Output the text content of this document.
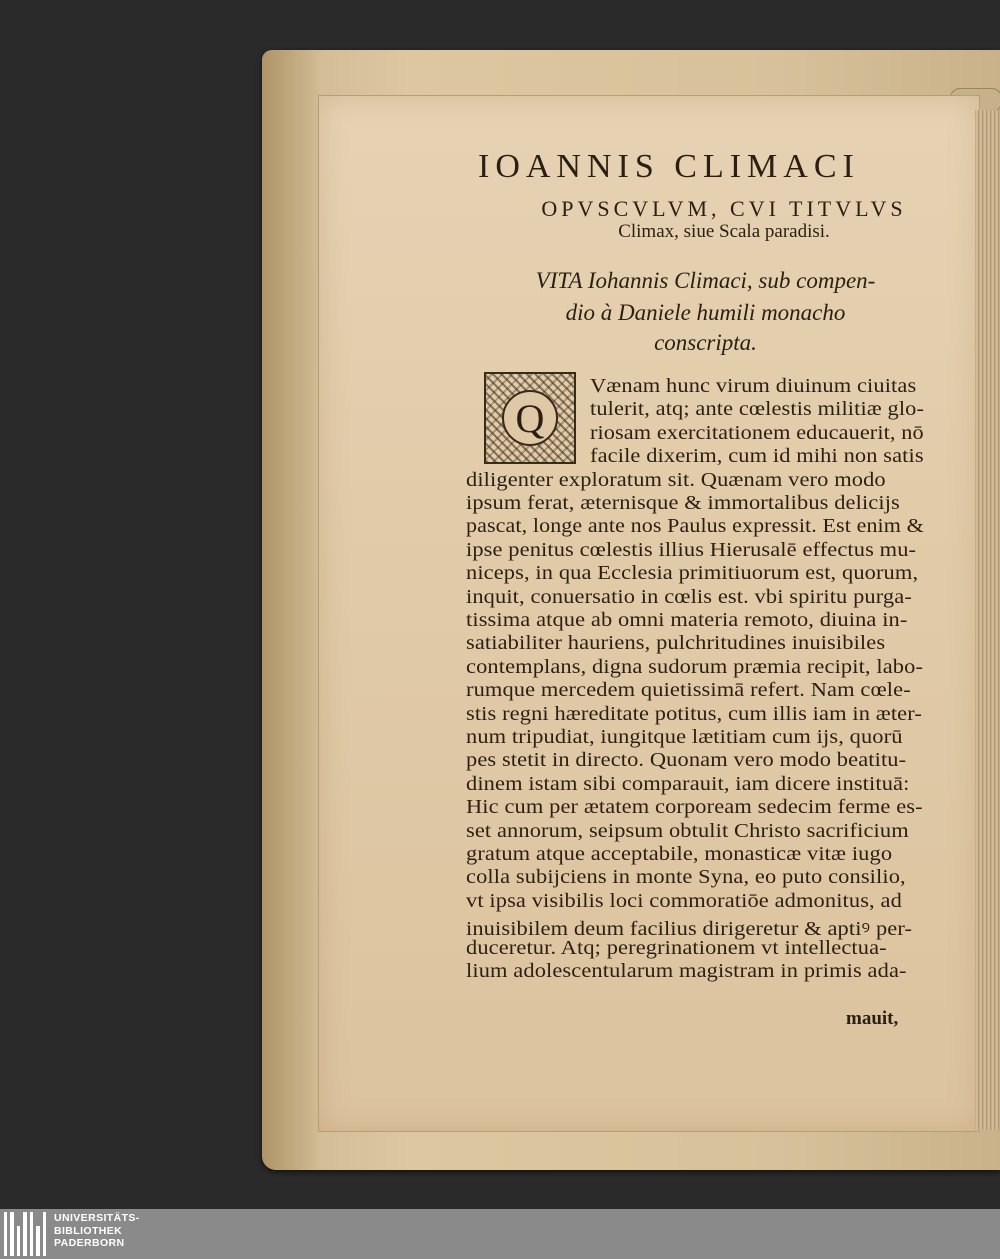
IOANNIS CLIMACI
OPVSCVLVM, CVI TITVLVS
Climax, siue Scala paradisi.
VITA Iohannis Climaci, sub compen-
dio à Daniele humili monacho
conscripta.
Q
Vænam hunc virum diuinum ciuitas
tulerit, atq; ante cœlestis militiæ glo-
riosam exercitationem educauerit, nō
facile dixerim, cum id mihi non satis
diligenter exploratum sit. Quænam vero modo
ipsum ferat, æternisque & immortalibus delicijs
pascat, longe ante nos Paulus expressit. Est enim &
ipse penitus cœlestis illius Hierusalē effectus mu-
niceps, in qua Ecclesia primitiuorum est, quorum,
inquit, conuersatio in cœlis est. vbi spiritu purga-
tissima atque ab omni materia remoto, diuina in-
satiabiliter hauriens, pulchritudines inuisibiles
contemplans, digna sudorum præmia recipit, labo-
rumque mercedem quietissimā refert. Nam cœle-
stis regni hæreditate potitus, cum illis iam in æter-
num tripudiat, iungitque lætitiam cum ijs, quorū
pes stetit in directo. Quonam vero modo beatitu-
dinem istam sibi comparauit, iam dicere instituā:
Hic cum per ætatem corpoream sedecim ferme es-
set annorum, seipsum obtulit Christo sacrificium
gratum atque acceptabile, monasticæ vitæ iugo
colla subijciens in monte Syna, eo puto consilio,
vt ipsa visibilis loci commoratiōe admonitus, ad
inuisibilem deum facilius dirigeretur & aptiꝰ per-
duceretur. Atq; peregrinationem vt intellectua-
lium adolescentularum magistram in primis ada-
mauit,
UNIVERSITÄTS-
BIBLIOTHEK
PADERBORN
